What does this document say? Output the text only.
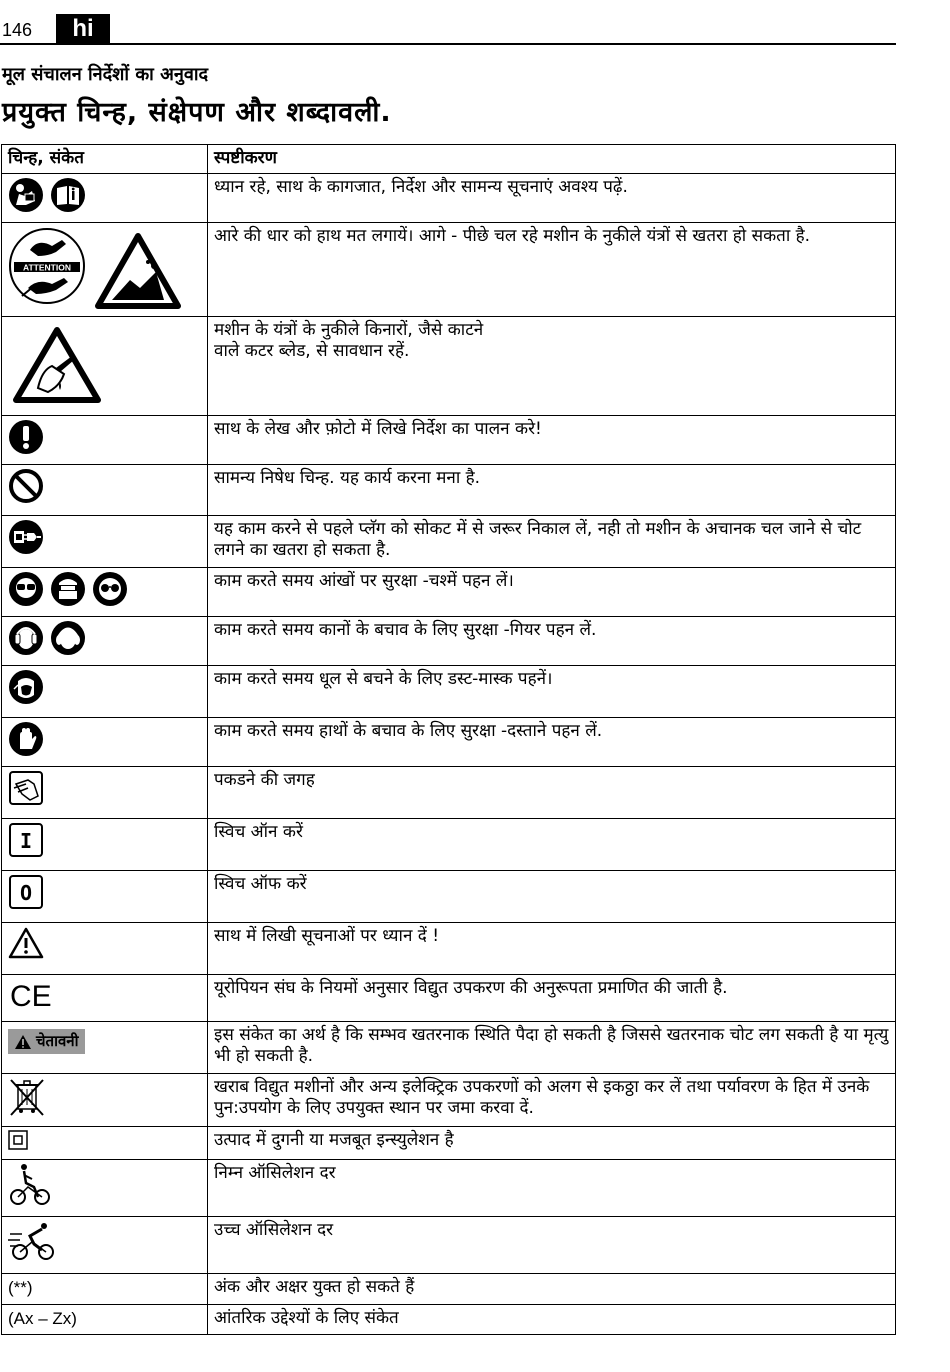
146	hi
मूल संचालन निर्देशों का अनुवाद
प्रयुक्त चिन्ह, संक्षेपण और शब्दावली.
चिन्ह, संकेत	स्पष्टीकरण

	ध्यान रहे, साथ के कागजात, निर्देश और सामन्य सूचनाएं अवश्य पढ़ें.

ATTENTION	आरे की धार को हाथ मत लगायें। आगे - पीछे चल रहे मशीन के नुकीले यंत्रों से खतरा हो सकता है.
	मशीन के यंत्रों के नुकीले किनारों, जैसे काटने
वाले कटर ब्लेड, से सावधान रहें.
	साथ के लेख और फ़ोटो में लिखे निर्देश का पालन करे!
	सामन्य निषेध चिन्ह. यह कार्य करना मना है.
	यह काम करने से पहले प्लॅग को सोकट में से जरूर निकाल लें, नही तो मशीन के अचानक चल जाने से चोट लगने का खतरा हो सकता है.

	काम करते समय आंखों पर सुरक्षा -चश्में पहन लें।

	काम करते समय कानों के बचाव के लिए सुरक्षा -गियर पहन लें.
	काम करते समय धूल से बचने के लिए डस्ट-मास्क पहनें।
	काम करते समय हाथों के बचाव के लिए सुरक्षा -दस्ताने पहन लें.
	पकडने की जगह

I	स्विच ऑन करें

O	स्विच ऑफ करें
	साथ में लिखी सूचनाओं पर ध्यान दें !

CE	यूरोपियन संघ के नियमों अनुसार विद्युत उपकरण की अनुरूपता प्रमाणित की जाती है.

चेतावनी	इस संकेत का अर्थ है कि सम्भव खतरनाक स्थिति पैदा हो सकती है जिससे खतरनाक चोट लग सकती है या मृत्यु भी हो सकती है.
	खराब विद्युत मशीनों और अन्य इलेक्ट्रिक उपकरणों को अलग से इकठ्ठा कर लें तथा पर्यावरण के हित में उनके पुन:उपयोग के लिए उपयुक्त स्थान पर जमा करवा दें.
	उत्पाद में दुगनी या मजबूत इन्स्युलेशन है
	निम्न ऑसिलेशन दर
	उच्च ऑसिलेशन दर
(**)	अंक और अक्षर युक्त हो सकते हैं
(Ax – Zx)	आंतरिक उद्देश्यों के लिए संकेत
